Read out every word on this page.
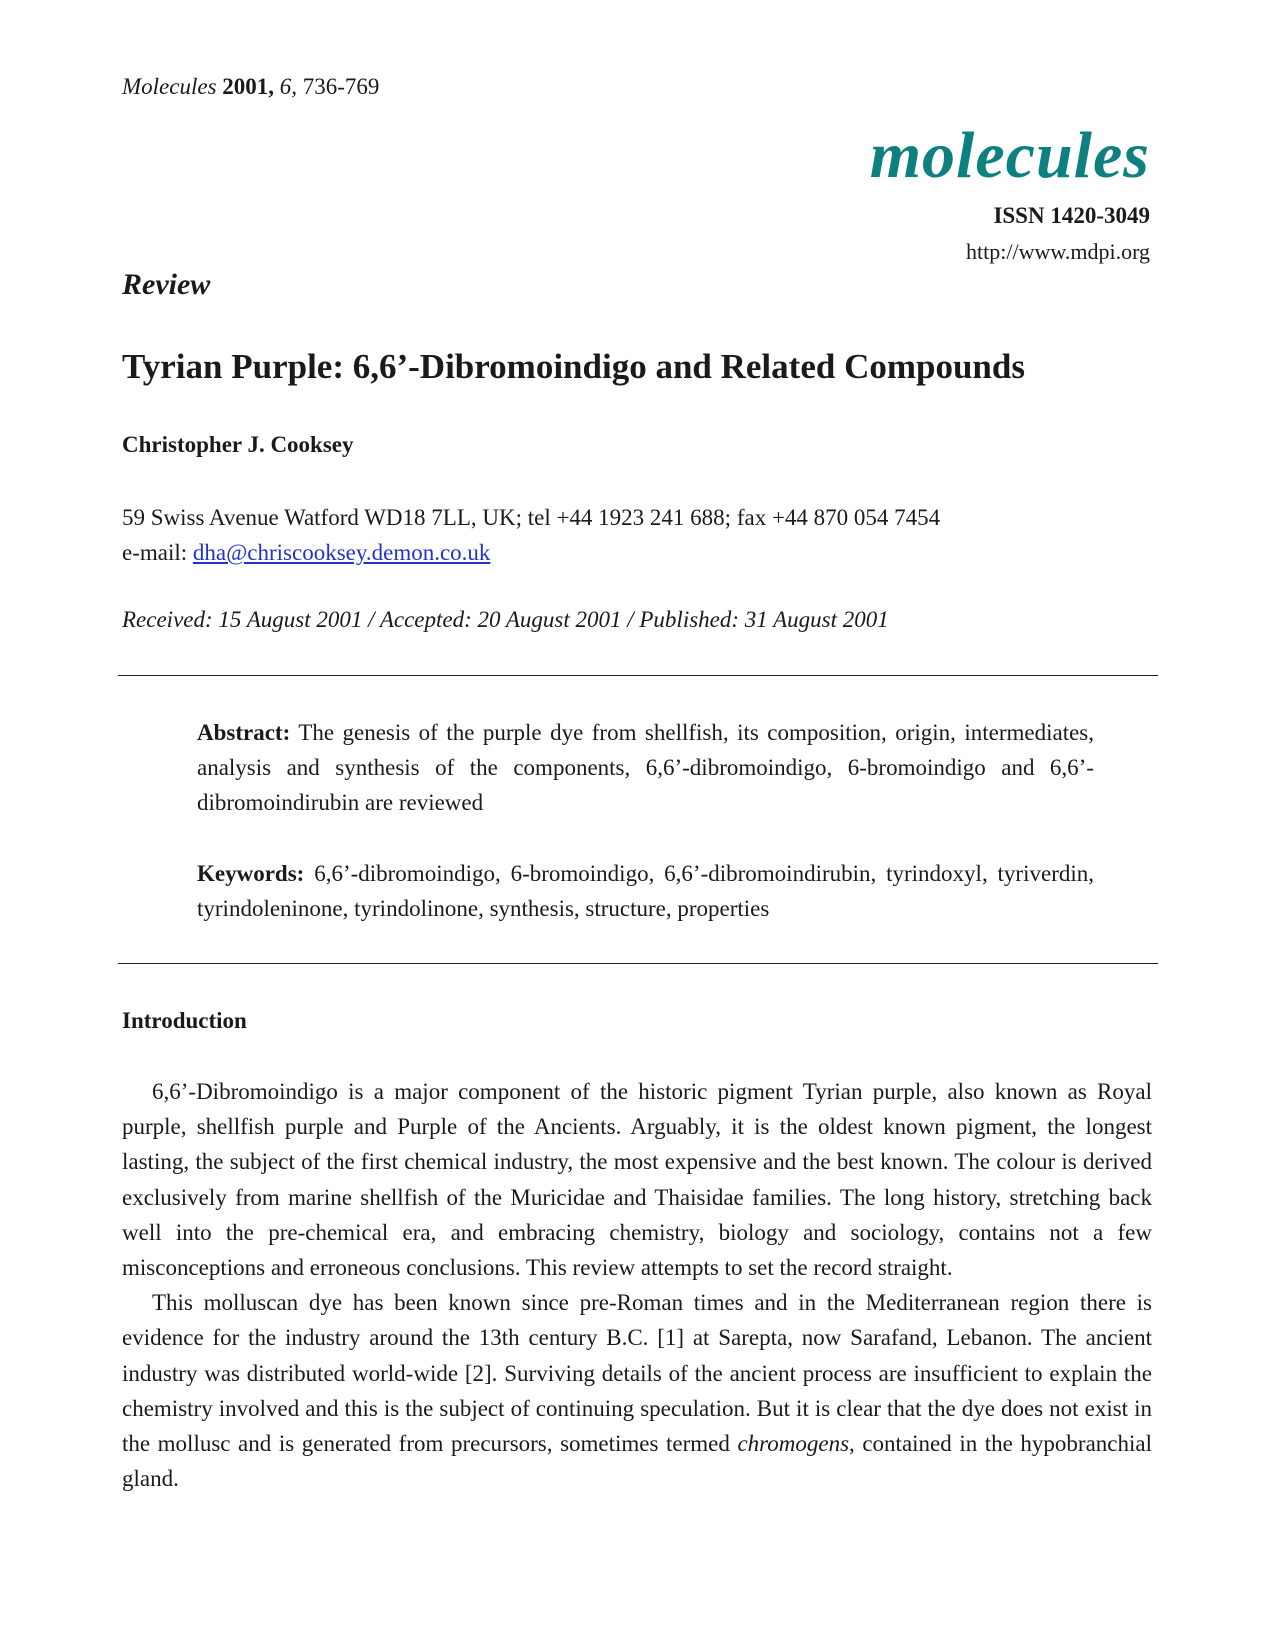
Molecules 2001, 6, 736-769
molecules
ISSN 1420-3049
http://www.mdpi.org
Review
Tyrian Purple: 6,6’-Dibromoindigo and Related Compounds
Christopher J. Cooksey
59 Swiss Avenue Watford WD18 7LL, UK; tel +44 1923 241 688; fax +44 870 054 7454
e-mail: dha@chriscooksey.demon.co.uk
Received: 15 August 2001 / Accepted: 20 August 2001 / Published: 31 August 2001
Abstract: The genesis of the purple dye from shellfish, its composition, origin, intermediates, analysis and synthesis of the components, 6,6’-dibromoindigo, 6-bromoindigo and 6,6’-dibromoindirubin are reviewed
Keywords: 6,6’-dibromoindigo, 6-bromoindigo, 6,6’-dibromoindirubin, tyrindoxyl, tyriverdin, tyrindoleninone, tyrindolinone, synthesis, structure, properties
Introduction

6,6’-Dibromoindigo is a major component of the historic pigment Tyrian purple, also known as Royal purple, shellfish purple and Purple of the Ancients. Arguably, it is the oldest known pigment, the longest lasting, the subject of the first chemical industry, the most expensive and the best known. The colour is derived exclusively from marine shellfish of the Muricidae and Thaisidae families. The long history, stretching back well into the pre-chemical era, and embracing chemistry, biology and sociology, contains not a few misconceptions and erroneous conclusions. This review attempts to set the record straight.

This molluscan dye has been known since pre-Roman times and in the Mediterranean region there is evidence for the industry around the 13th century B.C. [1] at Sarepta, now Sarafand, Lebanon. The ancient industry was distributed world-wide [2]. Surviving details of the ancient process are insufficient to explain the chemistry involved and this is the subject of continuing speculation. But it is clear that the dye does not exist in the mollusc and is generated from precursors, sometimes termed chromogens, contained in the hypobranchial gland.
